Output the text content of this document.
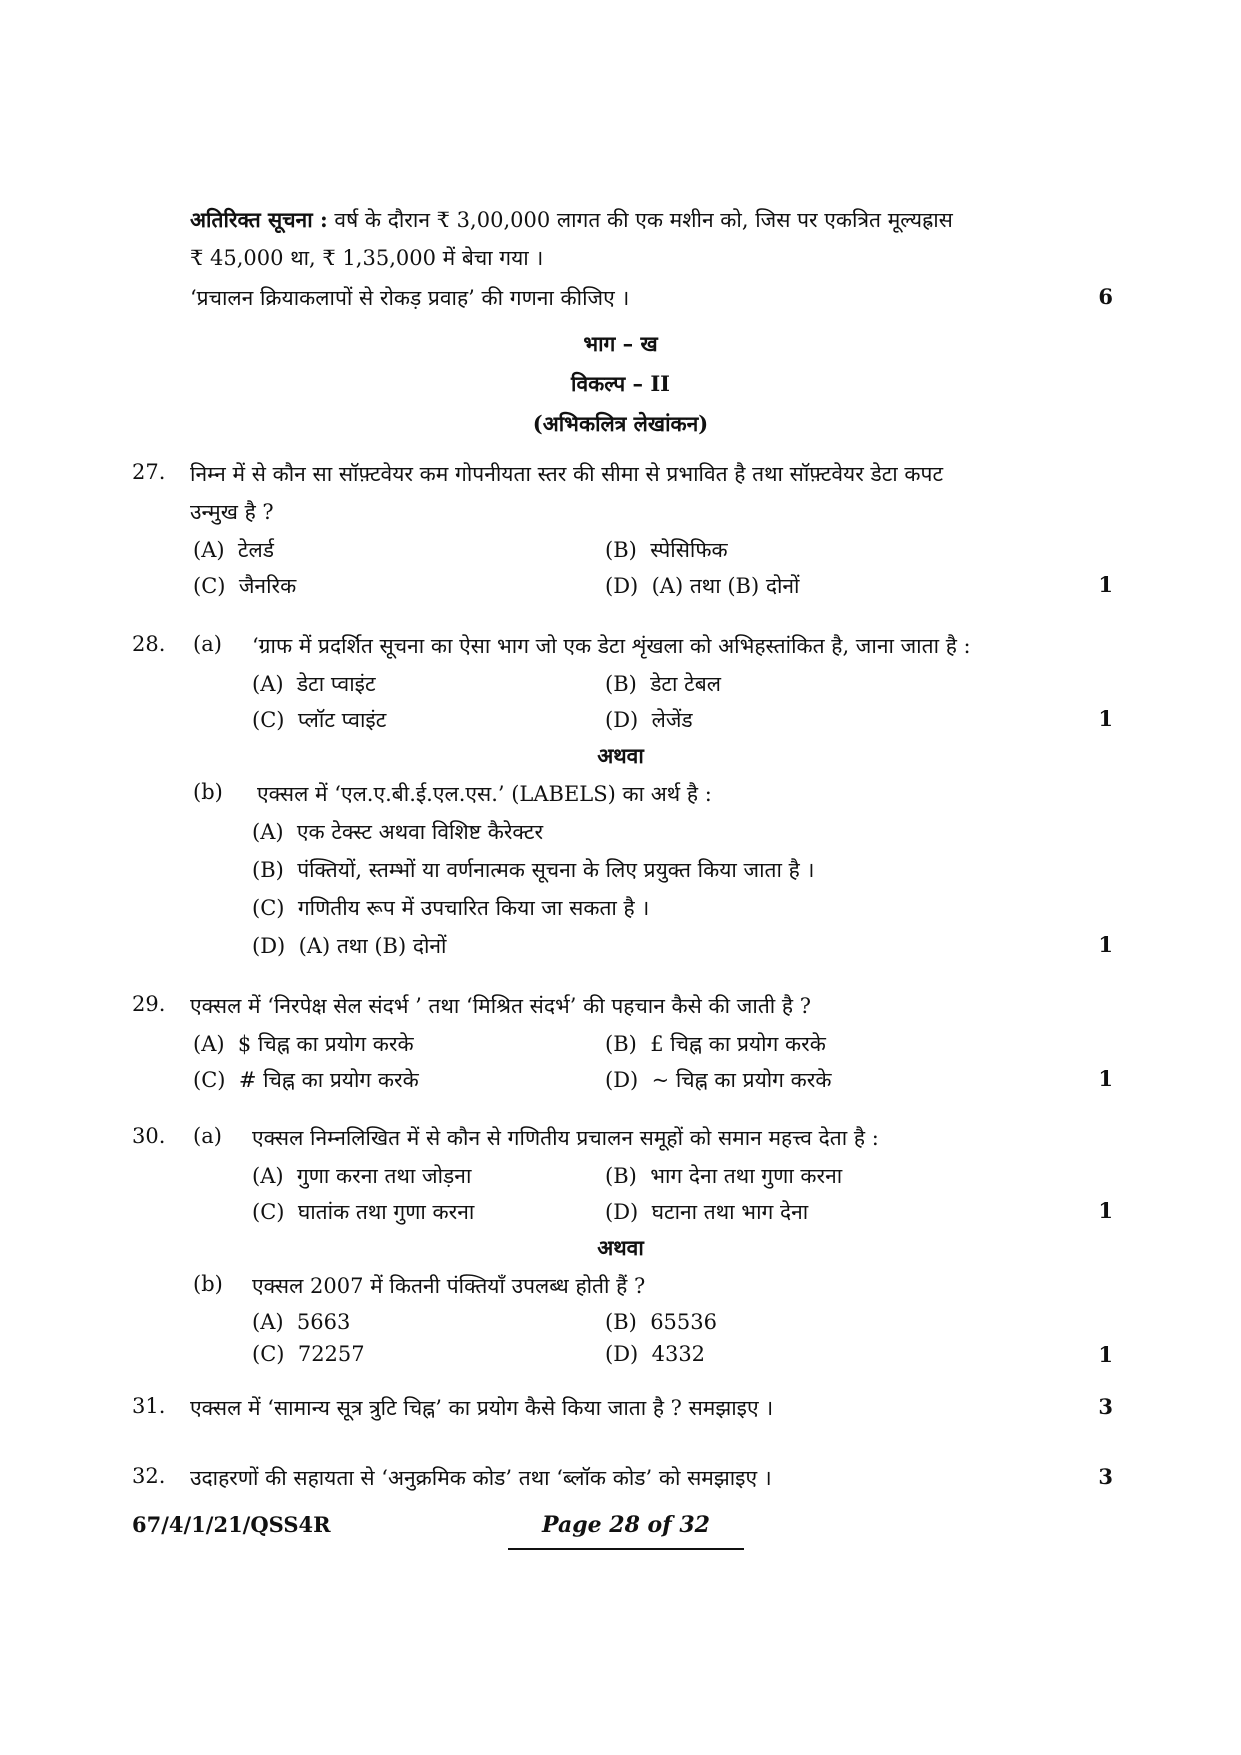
अतिरिक्त सूचना : वर्ष के दौरान ₹ 3,00,000 लागत की एक मशीन को, जिस पर एकत्रित मूल्यह्रास
₹ 45,000 था, ₹ 1,35,000 में बेचा गया ।
‘प्रचालन क्रियाकलापों से रोकड़ प्रवाह’ की गणना कीजिए ।	6
भाग – ख
विकल्प – II
(अभिकलित्र लेखांकन)
27. निम्न में से कौन सा सॉफ़्टवेयर कम गोपनीयता स्तर की सीमा से प्रभावित है तथा सॉफ़्टवेयर डेटा कपट
उन्मुख है ?
(A) टेलर्ड	(B) स्पेसिफिक
(C) जैनरिक	(D) (A) तथा (B) दोनों	1
28. (a) ‘ग्राफ में प्रदर्शित सूचना का ऐसा भाग जो एक डेटा शृंखला को अभिहस्तांकित है, जाना जाता है :
(A) डेटा प्वाइंट	(B) डेटा टेबल
(C) प्लॉट प्वाइंट	(D) लेजेंड	1
अथवा
(b) एक्सल में ‘एल.ए.बी.ई.एल.एस.’ (LABELS) का अर्थ है :
(A) एक टेक्स्ट अथवा विशिष्ट कैरेक्टर
(B) पंक्तियों, स्तम्भों या वर्णनात्मक सूचना के लिए प्रयुक्त किया जाता है ।
(C) गणितीय रूप में उपचारित किया जा सकता है ।
(D) (A) तथा (B) दोनों	1
29. एक्सल में ‘निरपेक्ष सेल संदर्भ ’ तथा ‘मिश्रित संदर्भ’ की पहचान कैसे की जाती है ?
(A) $ चिह्न का प्रयोग करके	(B) £ चिह्न का प्रयोग करके
(C) # चिह्न का प्रयोग करके	(D) ~ चिह्न का प्रयोग करके	1
30. (a) एक्सल निम्नलिखित में से कौन से गणितीय प्रचालन समूहों को समान महत्त्व देता है :
(A) गुणा करना तथा जोड़ना	(B) भाग देना तथा गुणा करना
(C) घातांक तथा गुणा करना	(D) घटाना तथा भाग देना	1
अथवा
(b) एक्सल 2007 में कितनी पंक्तियाँ उपलब्ध होती हैं ?
(A) 5663	(B) 65536
(C) 72257	(D) 4332	1
31. एक्सल में ‘सामान्य सूत्र त्रुटि चिह्न’ का प्रयोग कैसे किया जाता है ? समझाइए ।	3
32. उदाहरणों की सहायता से ‘अनुक्रमिक कोड’ तथा ‘ब्लॉक कोड’ को समझाइए ।	3
67/4/1/21/QSS4R	Page 28 of 32
